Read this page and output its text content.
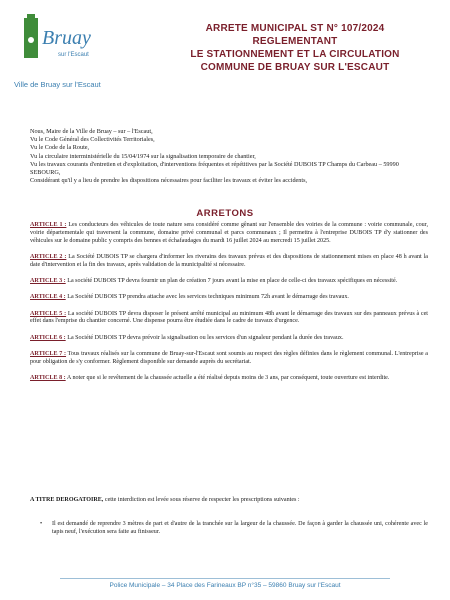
Bruay
sur l'Escaut
Ville de Bruay sur l'Escaut
ARRETE MUNICIPAL ST N° 107/2024
REGLEMENTANT
LE STATIONNEMENT ET LA CIRCULATION
COMMUNE DE BRUAY SUR L'ESCAUT
Nous, Maire de la Ville de Bruay – sur – l'Escaut,
Vu le Code Général des Collectivités Territoriales,
Vu le Code de la Route,
Vu la circulaire interministérielle du 15/04/1974 sur la signalisation temporaire de chantier,
Vu les travaux courants d'entretien et d'exploitation, d'interventions fréquentes et répétitives par la Société DUBOIS TP Champs du Carbeau – 59990 SEBOURG,
Considérant qu'il y a lieu de prendre les dispositions nécessaires pour faciliter les travaux et éviter les accidents,
ARRETONS
ARTICLE 1 : Les conducteurs des véhicules de toute nature sera considéré comme gênant sur l'ensemble des voiries de la commune : voirie communale, cour, voirie départementale qui traversent la commune, domaine privé communal et parcs communaux ; Il permettra à l'entreprise DUBOIS TP d'y stationner des véhicules sur le domaine public y compris des bennes et échafaudages du mardi 16 juillet 2024 au mercredi 15 juillet 2025.
ARTICLE 2 : La Société DUBOIS TP se chargera d'informer les riverains des travaux prévus et des dispositions de stationnement mises en place 48 h avant la date d'intervention et la fin des travaux, après validation de la municipalité si nécessaire.
ARTICLE 3 : La société DUBOIS TP devra fournir un plan de création 7 jours avant la mise en place de celle-ci des travaux spécifiques en nécessité.
ARTICLE 4 : La Société DUBOIS TP prendra attache avec les services techniques minimum 72h avant le démarrage des travaux.
ARTICLE 5 : La société DUBOIS TP devra disposer le présent arrêté municipal au minimum 48h avant le démarrage des travaux sur des panneaux prévus à cet effet dans l'emprise du chantier concerné. Une dispense pourra être étudiée dans le cadre de travaux d'urgence.
ARTICLE 6 : La Société DUBOIS TP devra prévoir la signalisation ou les services d'un signaleur pendant la durée des travaux.
ARTICLE 7 : Tous travaux réalisés sur la commune de Bruay-sur-l'Escaut sont soumis au respect des règles définies dans le règlement communal. L'entreprise a pour obligation de s'y conformer. Règlement disponible sur demande auprès du secrétariat.
ARTICLE 8 : A noter que si le revêtement de la chaussée actuelle a été réalisé depuis moins de 3 ans, par conséquent, toute ouverture est interdite.
A TITRE DEROGATOIRE, cette interdiction est levée sous réserve de respecter les prescriptions suivantes :
• Il est demandé de reprendre 3 mètres de part et d'autre de la tranchée sur la largeur de la chaussée. De façon à garder la chaussée uni, cohérente avec le tapis neuf, l'exécution sera faite au finisseur.
Police Municipale – 34 Place des Farineaux BP n°35 – 59860 Bruay sur l'Escaut
